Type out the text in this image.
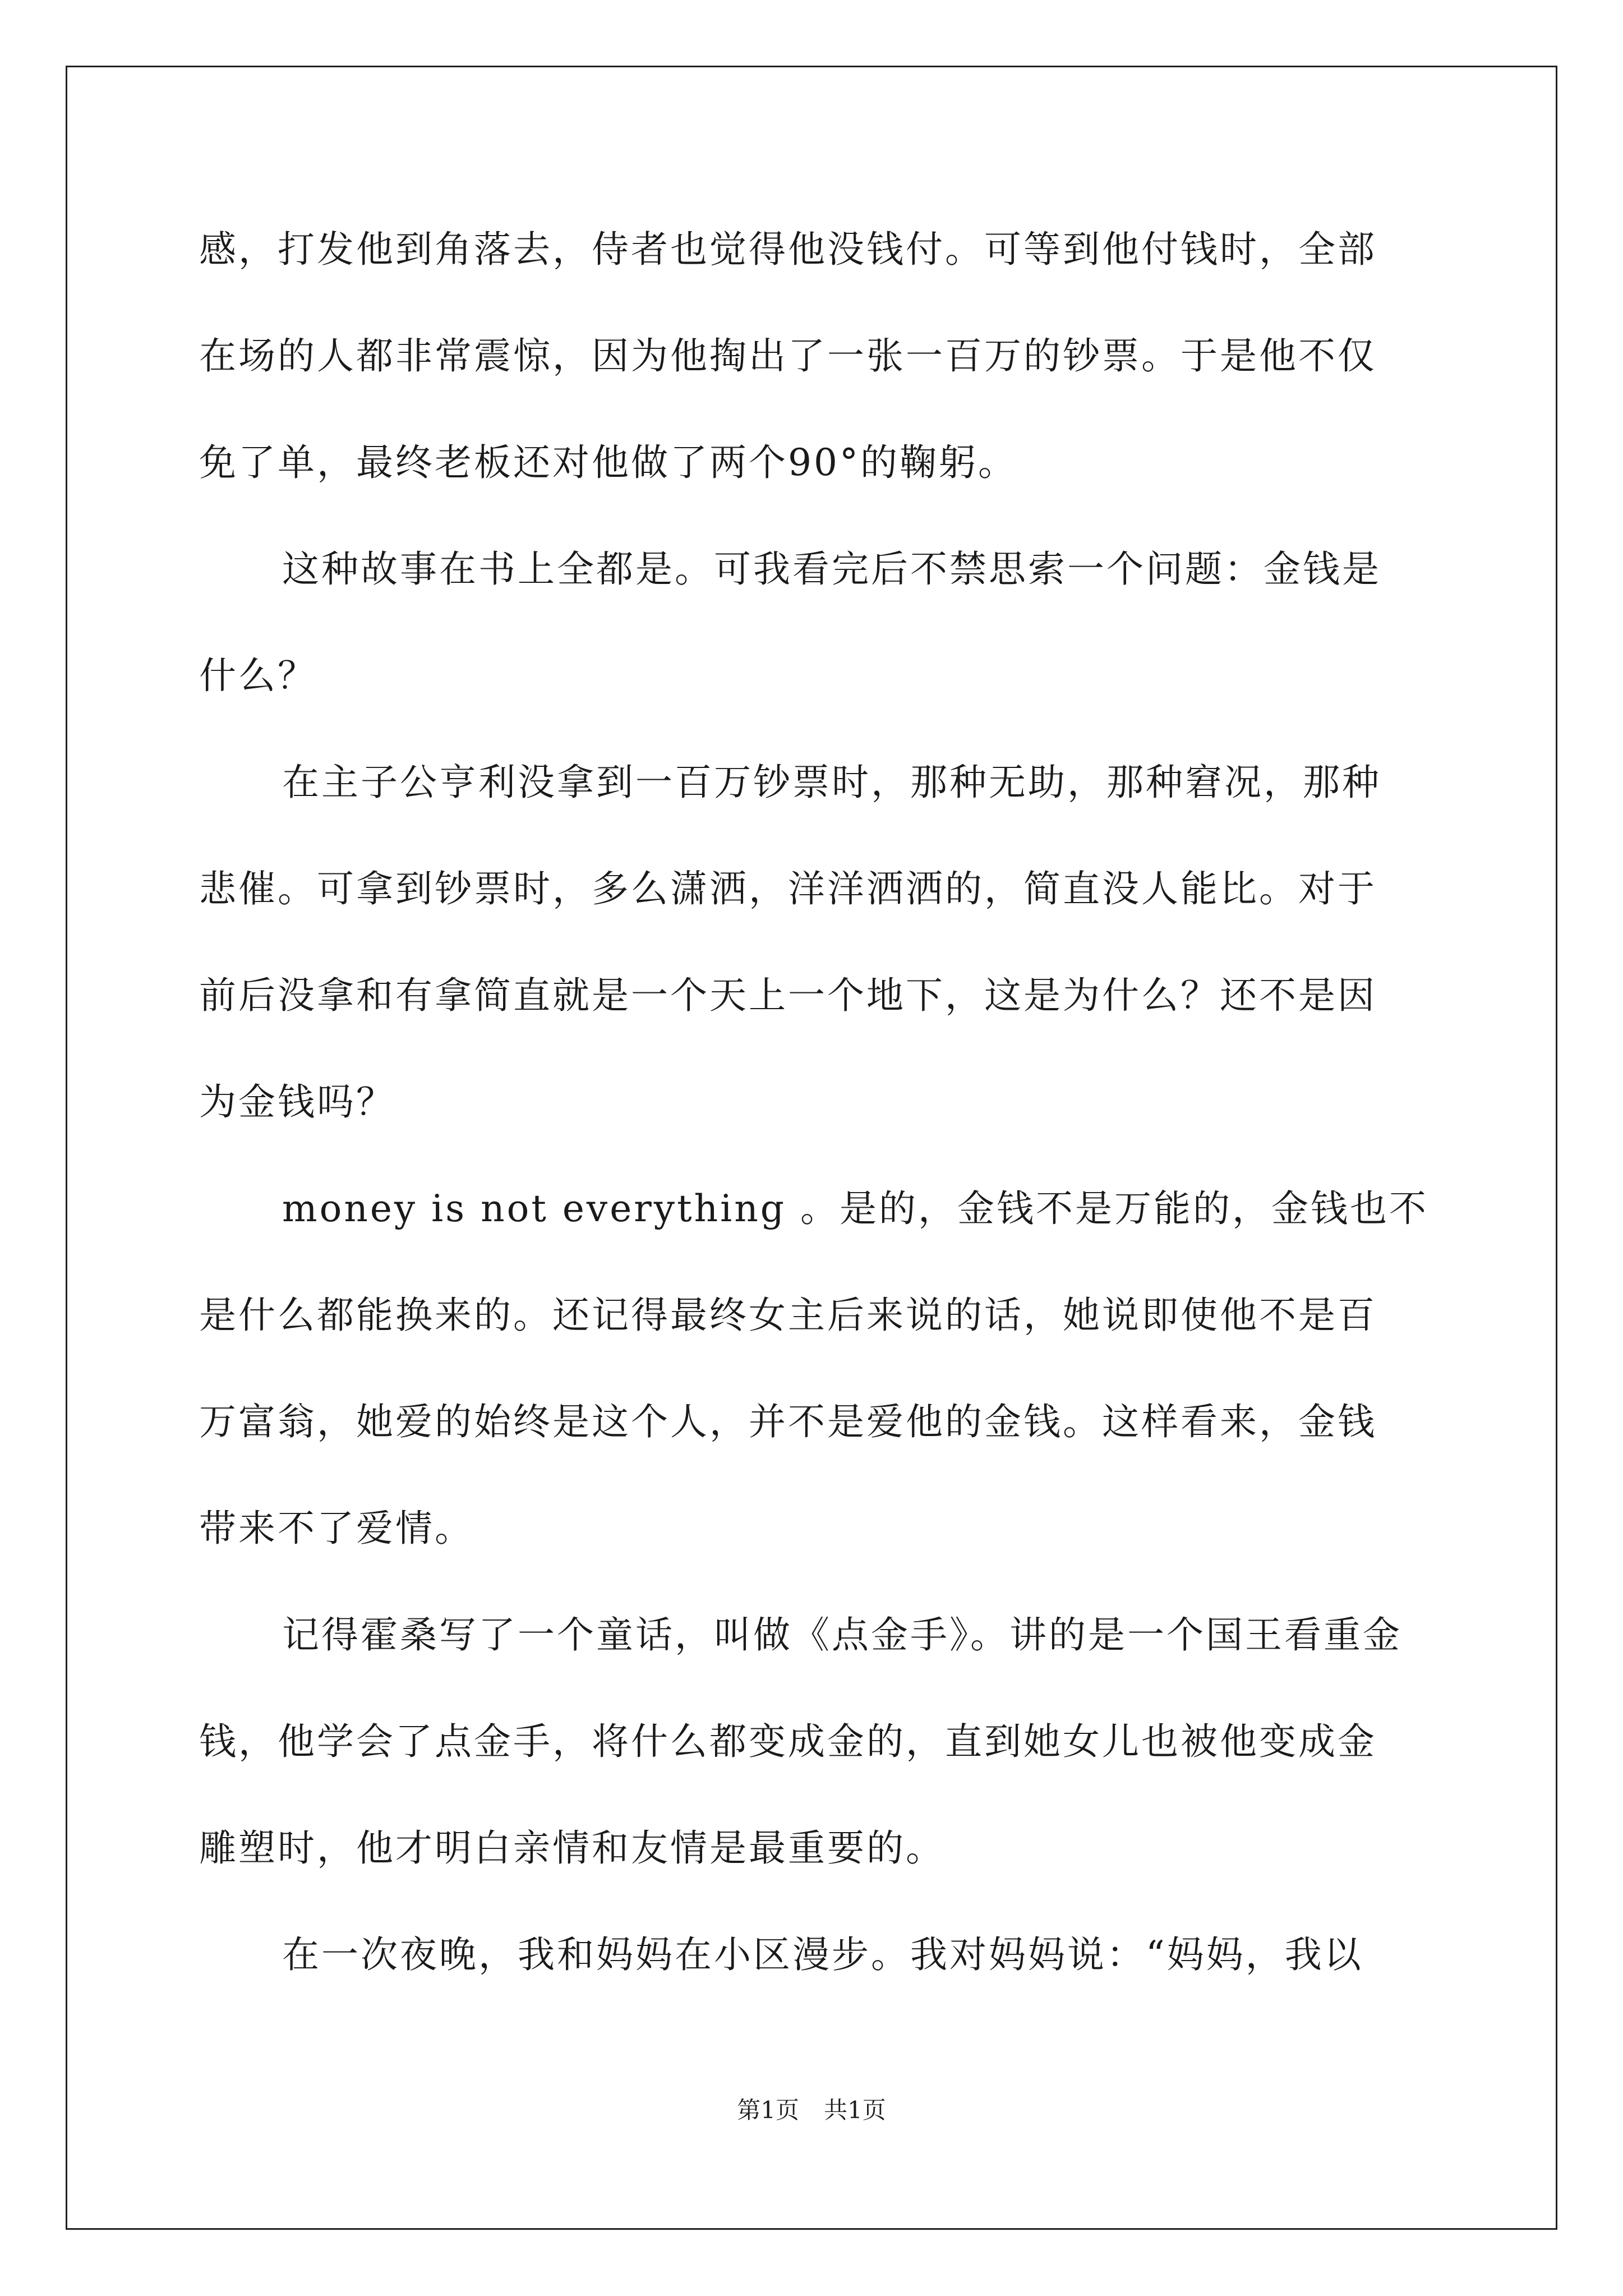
感，打发他到角落去，侍者也觉得他没钱付。可等到他付钱时，全部
在场的人都非常震惊，因为他掏出了一张一百万的钞票。于是他不仅
免了单，最终老板还对他做了两个90°的鞠躬。
这种故事在书上全都是。可我看完后不禁思索一个问题：金钱是
什么？
在主子公亨利没拿到一百万钞票时，那种无助，那种窘况，那种
悲催。可拿到钞票时，多么潇洒，洋洋洒洒的，简直没人能比。对于
前后没拿和有拿简直就是一个天上一个地下，这是为什么？还不是因
为金钱吗？
money is not everything 。是的，金钱不是万能的，金钱也不
是什么都能换来的。还记得最终女主后来说的话，她说即使他不是百
万富翁，她爱的始终是这个人，并不是爱他的金钱。这样看来，金钱
带来不了爱情。
记得霍桑写了一个童话，叫做《点金手》。讲的是一个国王看重金
钱，他学会了点金手，将什么都变成金的，直到她女儿也被他变成金
雕塑时，他才明白亲情和友情是最重要的。
在一次夜晚，我和妈妈在小区漫步。我对妈妈说：“妈妈，我以
第1页 共1页
